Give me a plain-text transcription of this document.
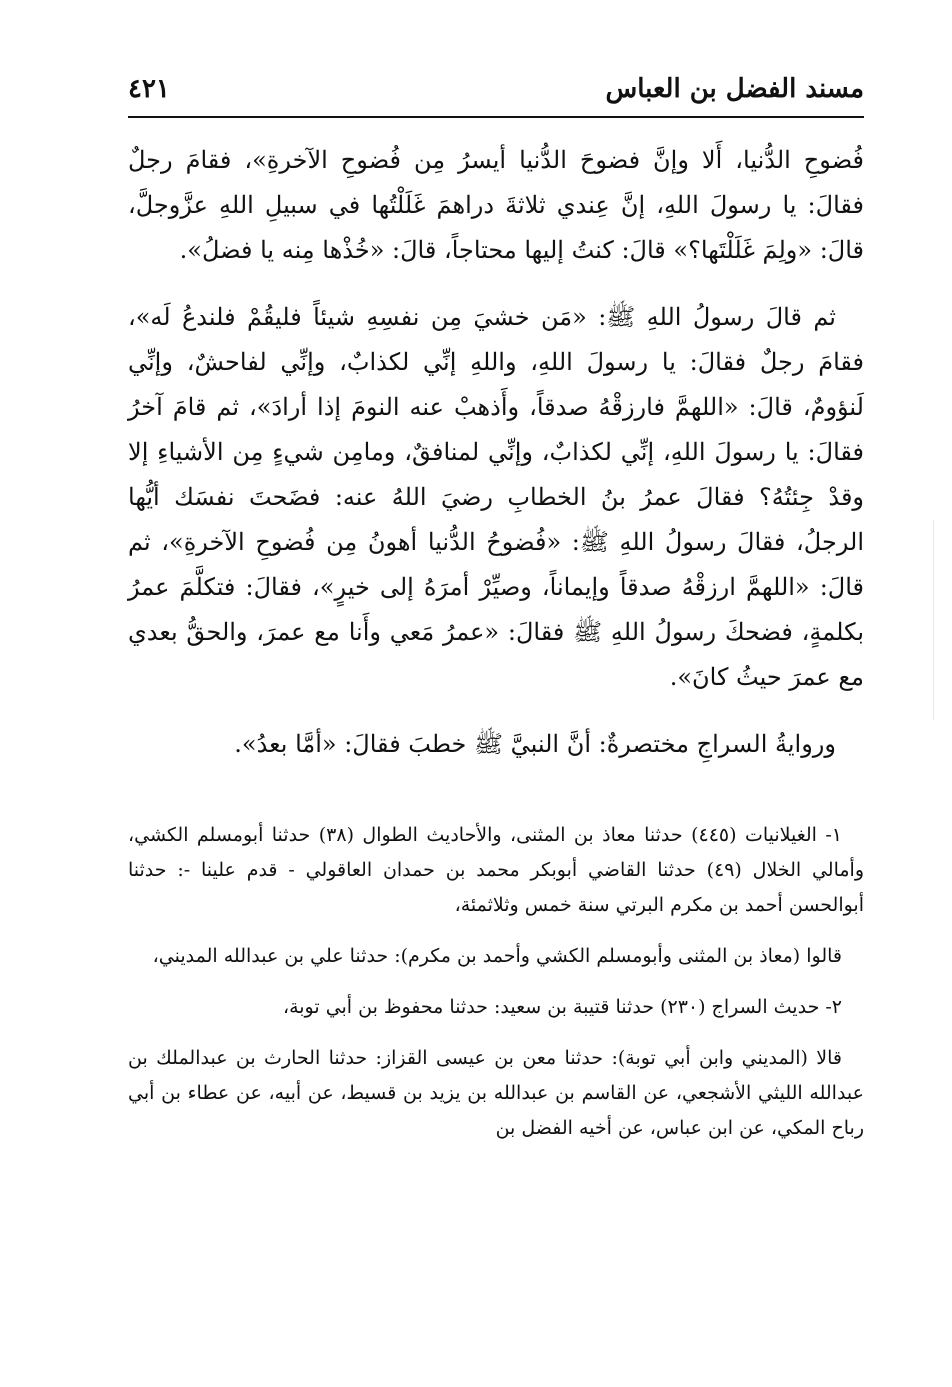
مسند الفضل بن العباس
٤٢١

فُضوحِ الدُّنيا، أَلا وإنَّ فضوحَ الدُّنيا أيسرُ مِن فُضوحِ الآخرةِ»، فقامَ رجلٌ فقالَ: يا رسولَ اللهِ، إنَّ عِندي ثلاثةَ دراهمَ غَلَلْتُها في سبيلِ اللهِ عزَّوجلَّ، قالَ: «ولِمَ غَلَلْتَها؟» قالَ: كنتُ إليها محتاجاً، قالَ: «خُذْها مِنه يا فضلُ».

ثم قالَ رسولُ اللهِ ﷺ: «مَن خشيَ مِن نفسِهِ شيئاً فليقُمْ فلندعُ لَه»، فقامَ رجلٌ فقالَ: يا رسولَ اللهِ، واللهِ إنِّي لكذابٌ، وإنِّي لفاحشٌ، وإنِّي لَنؤومٌ، قالَ: «اللهمَّ فارزقْهُ صدقاً، وأَذهبْ عنه النومَ إذا أرادَ»، ثم قامَ آخرُ فقالَ: يا رسولَ اللهِ، إنِّي لكذابٌ، وإنِّي لمنافقٌ، ومامِن شيءٍ مِن الأشياءِ إلا وقدْ جِئتُهُ؟ فقالَ عمرُ بنُ الخطابِ رضيَ اللهُ عنه: فضَحتَ نفسَك أيُّها الرجلُ، فقالَ رسولُ اللهِ ﷺ: «فُضوحُ الدُّنيا أهونُ مِن فُضوحِ الآخرةِ»، ثم قالَ: «اللهمَّ ارزقْهُ صدقاً وإيماناً، وصيِّرْ أمرَهُ إلى خيرٍ»، فقالَ: فتكلَّمَ عمرُ بكلمةٍ، فضحكَ رسولُ اللهِ ﷺ فقالَ: «عمرُ مَعي وأَنا مع عمرَ، والحقُّ بعدي مع عمرَ حيثُ كانَ».

وروايةُ السراجِ مختصرةٌ: أنَّ النبيَّ ﷺ خطبَ فقالَ: «أمَّا بعدُ».

١- الغيلانيات (٤٤٥) حدثنا معاذ بن المثنى، والأحاديث الطوال (٣٨) حدثنا أبومسلم الكشي، وأمالي الخلال (٤٩) حدثنا القاضي أبوبكر محمد بن حمدان العاقولي - قدم علينا -: حدثنا أبوالحسن أحمد بن مكرم البرتي سنة خمس وثلاثمئة،

قالوا (معاذ بن المثنى وأبومسلم الكشي وأحمد بن مكرم): حدثنا علي بن عبدالله المديني،

٢- حديث السراج (٢٣٠) حدثنا قتيبة بن سعيد: حدثنا محفوظ بن أبي توبة،

قالا (المديني وابن أبي توبة): حدثنا معن بن عيسى القزاز: حدثنا الحارث بن عبدالملك بن عبدالله الليثي الأشجعي، عن القاسم بن عبدالله بن يزيد بن قسيط، عن أبيه، عن عطاء بن أبي رباح المكي، عن ابن عباس، عن أخيه الفضل بن
